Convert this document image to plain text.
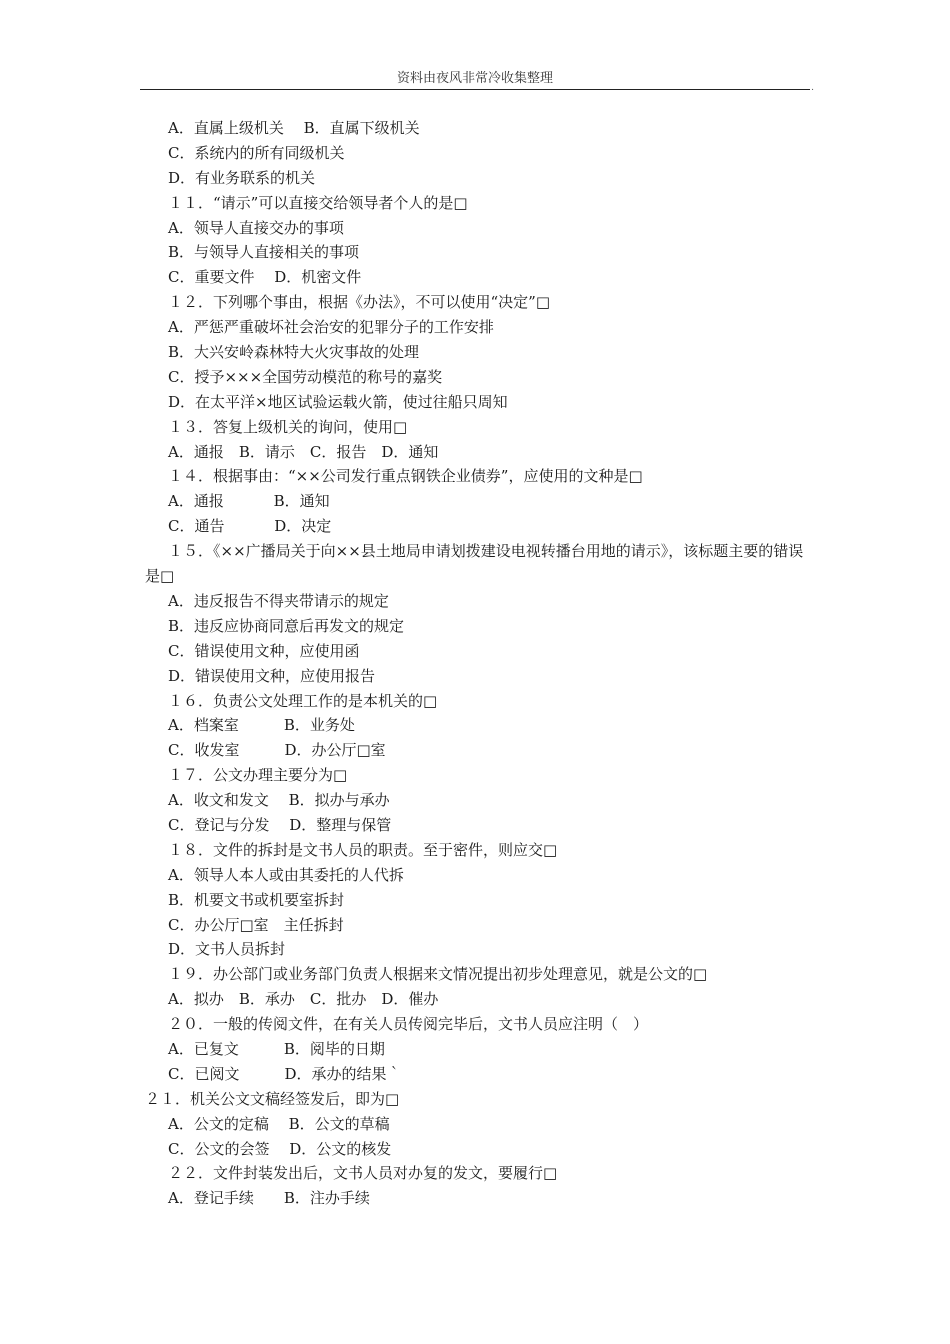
资料由夜风非常冷收集整理
.
A．直属上级机关　 B．直属下级机关
C．系统内的所有同级机关
D．有业务联系的机关
１１．“请示”可以直接交给领导者个人的是□
A．领导人直接交办的事项
B．与领导人直接相关的事项
C．重要文件　 D．机密文件
１２．下列哪个事由，根据《办法》，不可以使用“决定”□
A．严惩严重破坏社会治安的犯罪分子的工作安排
B．大兴安岭森林特大火灾事故的处理
C．授予×××全国劳动模范的称号的嘉奖
D．在太平洋×地区试验运载火箭，使过往船只周知
１３．答复上级机关的询问，使用□
A．通报　B．请示　C．报告　D．通知
１４．根据事由：“××公司发行重点钢铁企业债券”，应使用的文种是□
A．通报　　　 B．通知
C．通告　　　 D．决定
１５．《××广播局关于向××县土地局申请划拨建设电视转播台用地的请示》，该标题主要的错误是□
A．违反报告不得夹带请示的规定
B．违反应协商同意后再发文的规定
C．错误使用文种，应使用函
D．错误使用文种，应使用报告
１６．负责公文处理工作的是本机关的□
A．档案室　　　B．业务处
C．收发室　　　D．办公厅□室
１７．公文办理主要分为□
A．收文和发文　 B．拟办与承办
C．登记与分发　 D．整理与保管
１８．文件的拆封是文书人员的职责。至于密件，则应交□
A．领导人本人或由其委托的人代拆
B．机要文书或机要室拆封
C．办公厅□室　主任拆封
D．文书人员拆封
１９．办公部门或业务部门负责人根据来文情况提出初步处理意见，就是公文的□
A．拟办　B．承办　C．批办　D．催办
２０．一般的传阅文件，在有关人员传阅完毕后，文书人员应注明（　）
A．已复文　　　B．阅毕的日期
C．已阅文　　　D．承办的结果｀
２１．机关公文文稿经签发后，即为□
A．公文的定稿　 B．公文的草稿
C．公文的会签　 D．公文的核发
２２．文件封装发出后，文书人员对办复的发文，要履行□
A．登记手续　　B．注办手续
